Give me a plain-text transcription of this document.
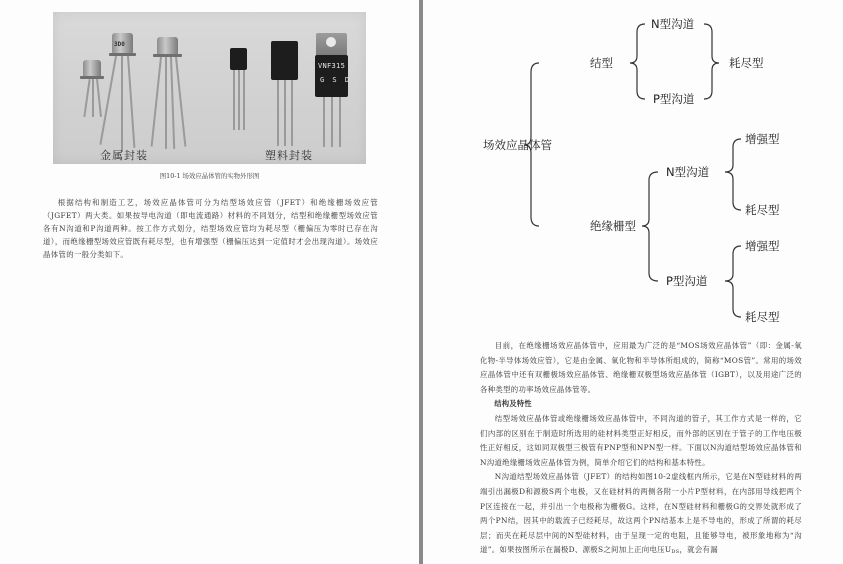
3D0
金属封装
VNF315
G S D
塑料封装
图10-1 场效应晶体管的实物外形图

根据结构和制造工艺，场效应晶体管可分为结型场效应管（JFET）和绝缘栅场效应管（JGFET）两大类。如果按导电沟道（即电流通路）材料的不同划分，结型和绝缘栅型场效应管各有N沟道和P沟道两种。按工作方式划分，结型场效应管均为耗尽型（栅偏压为零时已存在沟道），而绝缘栅型场效应管既有耗尽型，也有增强型（栅偏压达到一定值时才会出现沟道）。场效应晶体管的一般分类如下。

场效应晶体管
结型
N型沟道
P型沟道
耗尽型
绝缘栅型
N型沟道
P型沟道
增强型
耗尽型
增强型
耗尽型

目前，在绝缘栅场效应晶体管中，应用最为广泛的是“MOS场效应晶体管”（即：金属-氧化物-半导体场效应管），它是由金属、氧化物和半导体所组成的，简称“MOS管”。常用的场效应晶体管中还有双栅极场效应晶体管、绝缘栅双极型场效应晶体管（IGBT），以及用途广泛的各种类型的功率场效应晶体管等。

结构及特性

结型场效应晶体管或绝缘栅场效应晶体管中，不同沟道的管子，其工作方式是一样的，它们内部的区别在于制造时所选用的硅材料类型正好相反，而外部的区别在于管子的工作电压极性正好相反，这如同双极型三极管有PNP型和NPN型一样。下面以N沟道结型场效应晶体管和N沟道绝缘栅场效应晶体管为例，简单介绍它们的结构和基本特性。

N沟道结型场效应晶体管（JFET）的结构如图10-2虚线框内所示，它是在N型硅材料的两端引出漏极D和源极S两个电极，又在硅材料的两侧各附一小片P型材料，在内部用导线把两个P区连接在一起，并引出一个电极称为栅极G。这样，在N型硅材料和栅极G的交界处就形成了两个PN结，因其中的载流子已经耗尽，故这两个PN结基本上是不导电的，形成了所谓的耗尽层；而夹在耗尽层中间的N型硅材料，由于呈现一定的电阻，且能够导电，被形象地称为“沟道”。如果按图所示在漏极D、源极S之间加上正向电压$U_{DS}$，就会有漏
